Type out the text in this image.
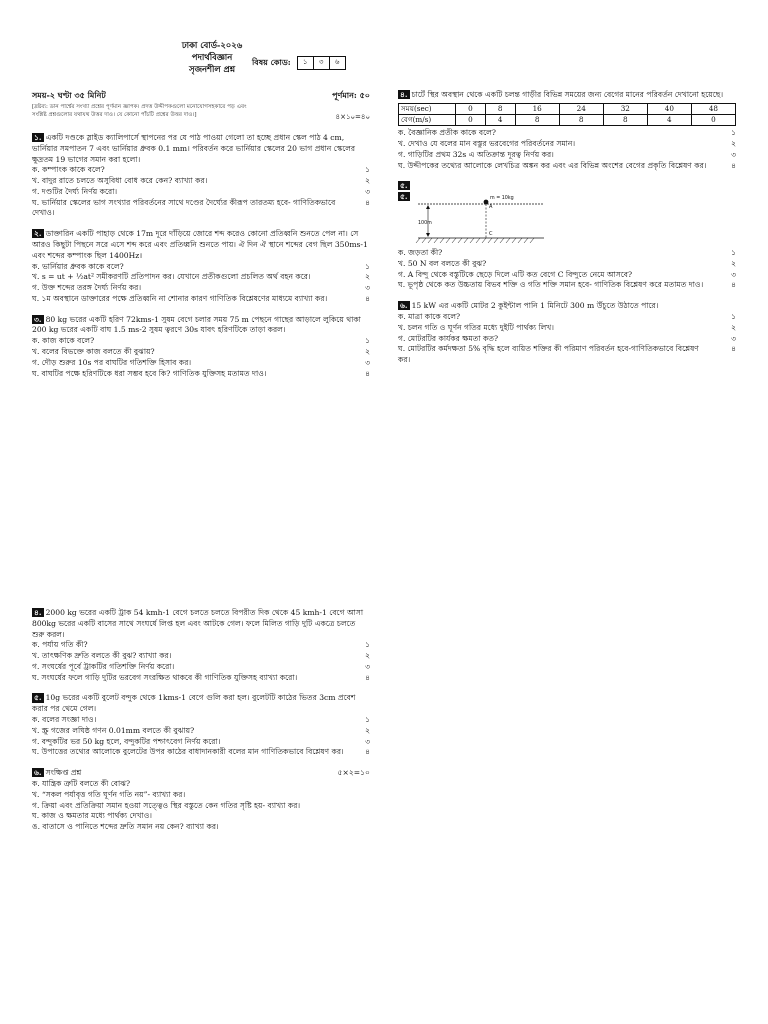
ঢাকা বোর্ড-২০২৬
পদার্থবিজ্ঞান
সৃজনশীল প্রশ্ন
বিষয় কোড:	১	৩	৬
সময়-২ ঘণ্টা ৩৫ মিনিট	পূর্ণমান: ৫০
[দ্রষ্টব্য: ডান পার্শ্বের সংখ্যা প্রশ্নের পূর্ণমান জ্ঞাপক। প্রদত্ত উদ্দীপকগুলো মনোযোগসহকারে পড় এবং
সংশ্লিষ্ট প্রশ্নগুলোর যথাযথ উত্তর দাও। যে কোনো পাঁচটি প্রশ্নের উত্তর দাও।]	৪×১০=৪০
১. একটি দণ্ডকে স্লাইড ক্যালিপার্সে স্থাপনের পর যে পাঠ পাওয়া গেলো তা হচ্ছে প্রধান স্কেল পাঠ 4 cm, ভার্নিয়ার সমপাতন 7 এবং ভার্নিয়ার ধ্রুবক 0.1 mm। পরিবর্তন করে ভার্নিয়ার স্কেলের 20 ভাগ প্রধান স্কেলের ক্ষুদ্রতম 19 ভাগের সমান করা হলো।
ক. কম্পাংক কাকে বলে?	১
খ. বাদুর রাতে চলতে অসুবিধা বোধ করে কেন? ব্যাখ্যা কর।	২
গ. দণ্ডটির দৈর্ঘ্য নির্ণয় করো।	৩
ঘ. ভার্নিয়ার স্কেলের ভাগ সংখ্যার পরিবর্তনের সাথে দণ্ডের দৈর্ঘ্যের কীরূপ তারতম্য হবে- গাণিতিকভাবে দেখাও।
৪
২. ডাক্তারিন একটি পাহাড় থেকে 17m দূরে দাঁড়িয়ে জোরে শব্দ করেও কোনো প্রতিধ্বনি শুনতে পেল না। সে আরও কিছুটা পিছনে সরে এসে শব্দ করে এবং প্রতিধ্বনি শুনতে পায়। ঐ দিন ঐ স্থানে শব্দের বেগ ছিল 350ms-1 এবং শব্দের কম্পাংক ছিল 1400Hz।
ক. ভার্নিয়ার ধ্রুবক কাকে বলে?	১
খ. s = ut + ½at² সমীকরণটি প্রতিপাদন কর। যেখানে প্রতীকগুলো প্রচলিত অর্থ বহন করে।	২
গ. উক্ত শব্দের তরঙ্গ দৈর্ঘ্য নির্ণয় কর।	৩
ঘ. ১ম অবস্থানে ডাক্তারের পক্ষে প্রতিধ্বনি না শোনার কারণ গাণিতিক বিশ্লেষণের মাধ্যমে ব্যাখ্যা কর।	৪
৩. 80 kg ভরের একটি হরিণ 72kms-1 সুষম বেগে চলার সময় 75 m পেছনে গাছের আড়ালে লুকিয়ে থাকা 200 kg ভরের একটি বাঘ 1.5 ms-2 সুষম ত্বরণে 30s যাবৎ হরিণটিকে তাড়া করল।
ক. কাজ কাকে বলে?	১
খ. বলের বিভক্তে কাজ বলতে কী বুঝায়?	২
গ. দৌড় শুরুর 10s পর বাঘটির গতিশক্তি হিসাব কর।	৩
ঘ. বাঘটির পক্ষে হরিণটিকে ধরা সম্ভব হবে কি? গাণিতিক যুক্তিসহ মতামত দাও।	৪
৪. 2000 kg ভরের একটি ট্রাক 54 kmh-1 বেগে চলতে চলতে বিপরীত দিক থেকে 45 kmh-1 বেগে আসা 800kg ভরের একটি বাসের সাথে সংঘর্ষে লিপ্ত হল এবং আটকে গেল। ফলে মিলিত গাড়ি দুটি একত্রে চলতে শুরু করল।
ক. পর্যায় গতি কী?	১
খ. তাৎক্ষণিক দ্রুতি বলতে কী বুঝ? ব্যাখ্যা কর।	২
গ. সংঘর্ষের পূর্বে ট্রাকটির গতিশক্তি নির্ণয় করো।	৩
ঘ. সংঘর্ষের ফলে গাড়ি দুটির ভরবেগ সংরক্ষিত থাকবে কী গাণিতিক যুক্তিসহ ব্যাখ্যা করো।	৪
৫. 10g ভরের একটি বুলেট বন্দুক থেকে 1kms-1 বেগে গুলি করা হল। বুলেটটি কাঠের ভিতর 3cm প্রবেশ করার পর থেমে গেল।
ক. বলের সংজ্ঞা দাও।	১
খ. স্ক্রু গজের লঘিষ্ঠ গণন 0.01mm বলতে কী বুঝায়?	২
গ. বন্দুকটির ভর 50 kg হলে, বন্দুকটির পশ্চাৎবেগ নির্ণয় করো।	৩
ঘ. উপাত্তের তথ্যের আলোকে বুলেটের উপর কাঠের বাধাদানকারী বলের মান গাণিতিকভাবে বিশ্লেষণ কর।	৪
৬. সংক্ষিপ্ত প্রশ্ন	৫×২=১০
ক. যান্ত্রিক ত্রুটি বলতে কী বোঝ?
খ. “সকল পর্যাবৃত্ত গতি ঘূর্ণন গতি নয়”- ব্যাখ্যা কর।
গ. ক্রিয়া এবং প্রতিক্রিয়া সমান হওয়া সত্ত্বেও স্থির বস্তুতে কেন গতির সৃষ্টি হয়- ব্যাখ্যা কর।
ঘ. কাজ ও ক্ষমতার মধ্যে পার্থক্য দেখাও।
ঙ. বাতাসে ও পানিতে শব্দের দ্রুতি সমান নয় কেন? ব্যাখ্যা কর।
৪. চার্টে স্থির অবস্থান থেকে একটি চলন্ত গাড়ীর বিভিন্ন সময়ের জন্য বেগের মানের পরিবর্তন দেখানো হয়েছে।
সময়(sec)	0	8	16	24	32	40	48
বেগ(m/s)	0	4	8	8	8	4	0
ক. বৈজ্ঞানিক প্রতীক কাকে বলে?	১
খ. দেখাও যে বলের মান বস্তুর ভরবেগের পরিবর্তনের সমান।	২
গ. গাড়িটির প্রথম 32s এ অতিক্রান্ত দূরত্ব নির্ণয় কর।	৩
ঘ. উদ্দীপকের তথ্যের আলোকে লেখচিত্র অঙ্কন কর এবং এর বিভিন্ন অংশের বেগের প্রকৃতি বিশ্লেষণ কর।	৪
৫.
৫.
100m
m = 10kg
A
C
ক. জড়তা কী?	১
খ. 50 N বল বলতে কী বুঝ?	২
গ. A বিন্দু থেকে বস্তুটিকে ছেড়ে দিলে এটি কত বেগে C বিন্দুতে নেমে আসবে?	৩
ঘ. ভূপৃষ্ঠ থেকে কত উচ্চতায় বিভব শক্তি ও গতি শক্তি সমান হবে- গাণিতিক বিশ্লেষণ করে মতামত দাও।	৪
৬. 15 kW এর একটি মোটর 2 কুইন্টাল পানি 1 মিনিটে 300 m উঁচুতে উঠাতে পারে।
ক. মাত্রা কাকে বলে?	১
খ. চলন গতি ও ঘূর্ণন গতির মধ্যে দুইটি পার্থক্য লিখ।	২
গ. মোটরটির কার্যকর ক্ষমতা কত?	৩
ঘ. মোটরটির কর্মদক্ষতা 5% বৃদ্ধি হলে ব্যয়িত শক্তির কী পরিমাণ পরিবর্তন হবে-গাণিতিকভাবে বিশ্লেষণ কর।
৪
